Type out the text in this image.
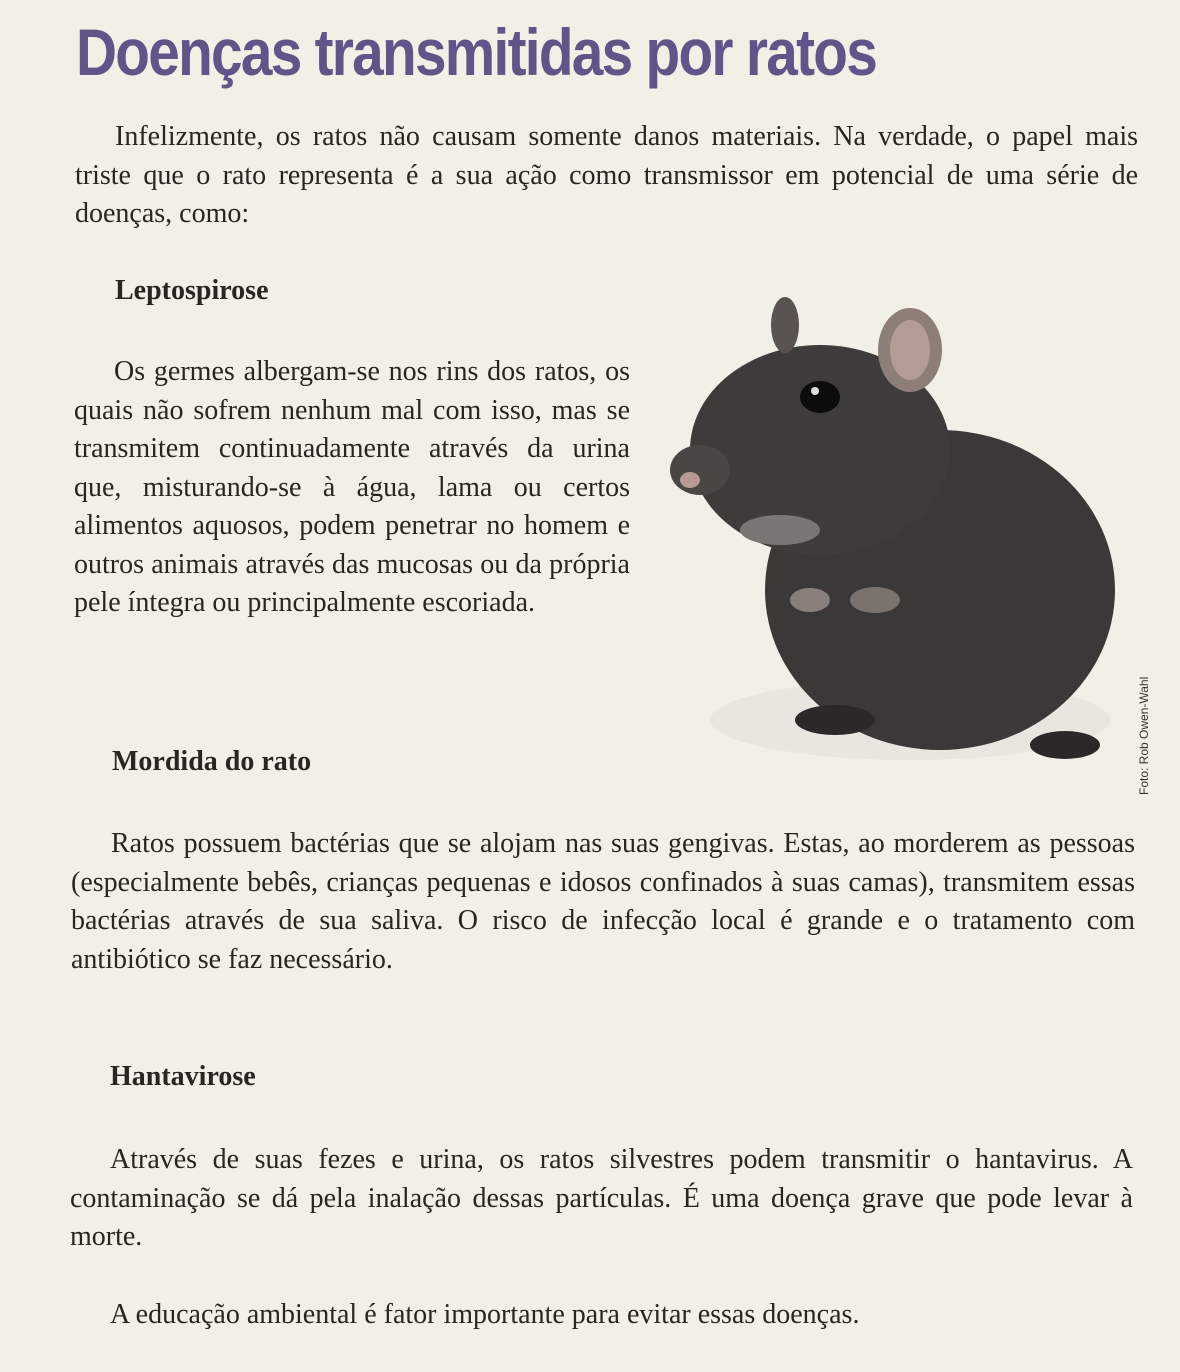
Doenças transmitidas por ratos

Infelizmente, os ratos não causam somente danos materiais. Na verdade, o papel mais triste que o rato representa é a sua ação como transmissor em potencial de uma série de doenças, como:

Leptospirose

Os germes albergam-se nos rins dos ratos, os quais não sofrem nenhum mal com isso, mas se transmitem continuadamente através da urina que, misturando-se à água, lama ou certos alimentos aquosos, podem penetrar no homem e outros animais através das mucosas ou da própria pele íntegra ou principalmente escoriada.

Foto: Rob Owen-Wahl
Mordida do rato

Ratos possuem bactérias que se alojam nas suas gengivas. Estas, ao morderem as pessoas (especialmente bebês, crianças pequenas e idosos confinados à suas camas), transmitem essas bactérias através de sua saliva. O risco de infecção local é grande e o tratamento com antibiótico se faz necessário.

Hantavirose

Através de suas fezes e urina, os ratos silvestres podem transmitir o hantavirus. A contaminação se dá pela inalação dessas partículas. É uma doença grave que pode levar à morte.

A educação ambiental é fator importante para evitar essas doenças.
